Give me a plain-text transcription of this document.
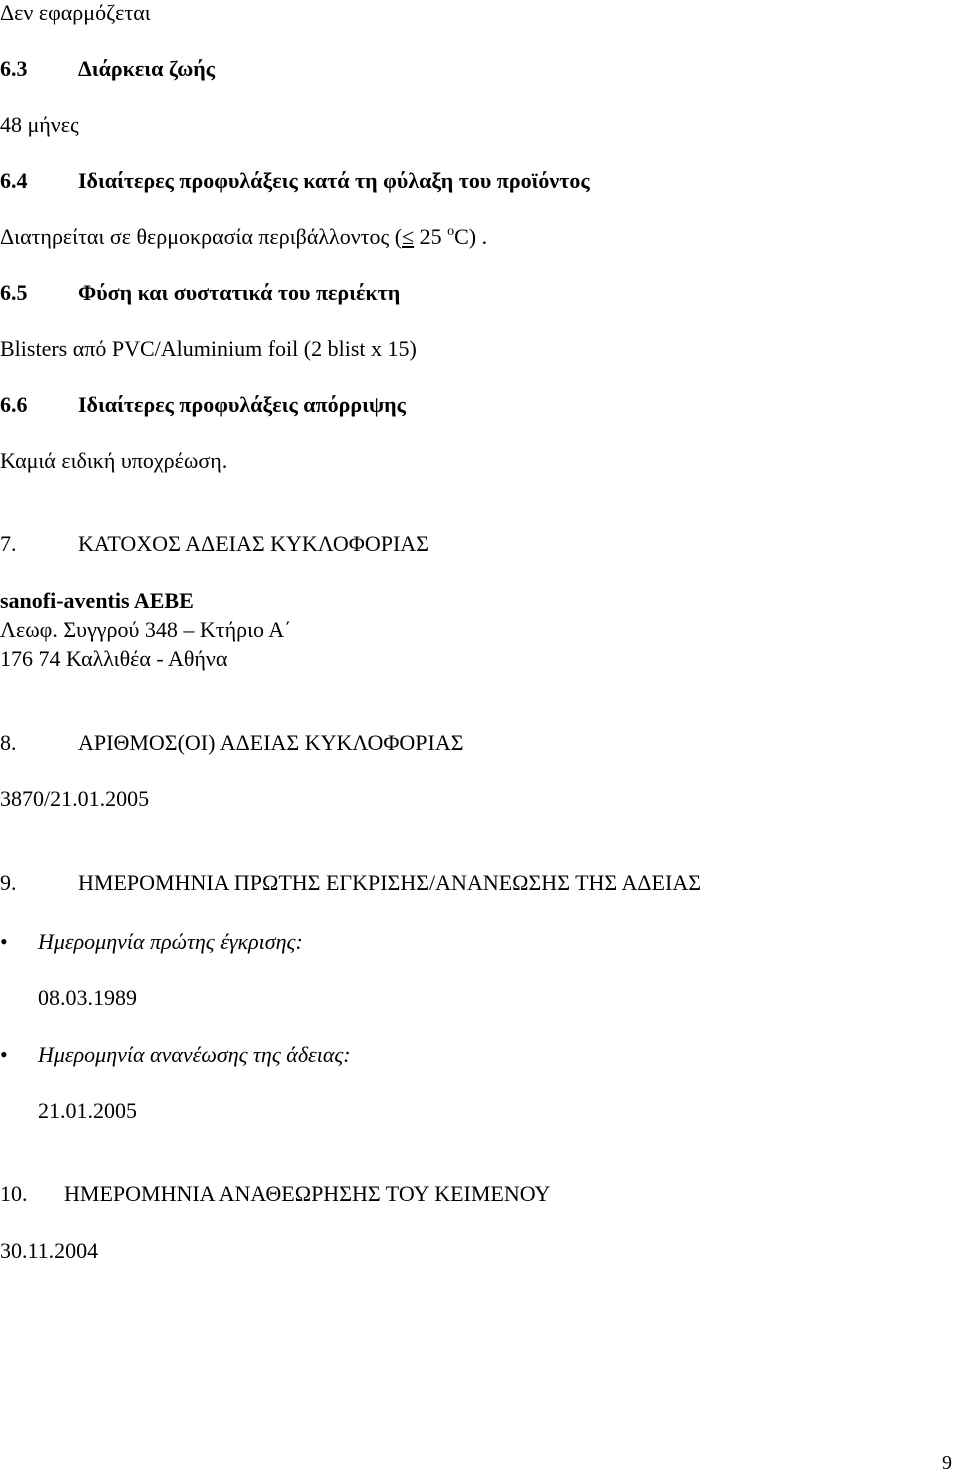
Δεν εφαρμόζεται
6.3 Διάρκεια ζωής
48 μήνες
6.4 Ιδιαίτερες προφυλάξεις κατά τη φύλαξη του προϊόντος
Διατηρείται σε θερμοκρασία περιβάλλοντος (≤ 25 $^o$C) .
6.5 Φύση και συστατικά του περιέκτη
Blisters από PVC/Aluminium foil (2 blist x 15)
6.6 Ιδιαίτερες προφυλάξεις απόρριψης
Καμιά ειδική υποχρέωση.
7.	ΚΑΤΟΧΟΣ ΑΔΕΙΑΣ ΚΥΚΛΟΦΟΡΙΑΣ
sanofi-aventis AEBE
Λεωφ. Συγγρού 348 – Κτήριο Α΄
176 74 Καλλιθέα - Αθήνα
8.	ΑΡΙΘΜΟΣ(ΟΙ) ΑΔΕΙΑΣ ΚΥΚΛΟΦΟΡΙΑΣ
3870/21.01.2005
9.	ΗΜΕΡΟΜΗΝΙΑ ΠΡΩΤΗΣ ΕΓΚΡΙΣΗΣ/ΑΝΑΝΕΩΣΗΣ ΤΗΣ ΑΔΕΙΑΣ
• Ημερομηνία πρώτης έγκρισης:
08.03.1989
• Ημερομηνία ανανέωσης της άδειας:
21.01.2005
10. ΗΜΕΡΟΜΗΝΙΑ ΑΝΑΘΕΩΡΗΣΗΣ ΤΟΥ ΚΕΙΜΕΝΟΥ
30.11.2004
9
